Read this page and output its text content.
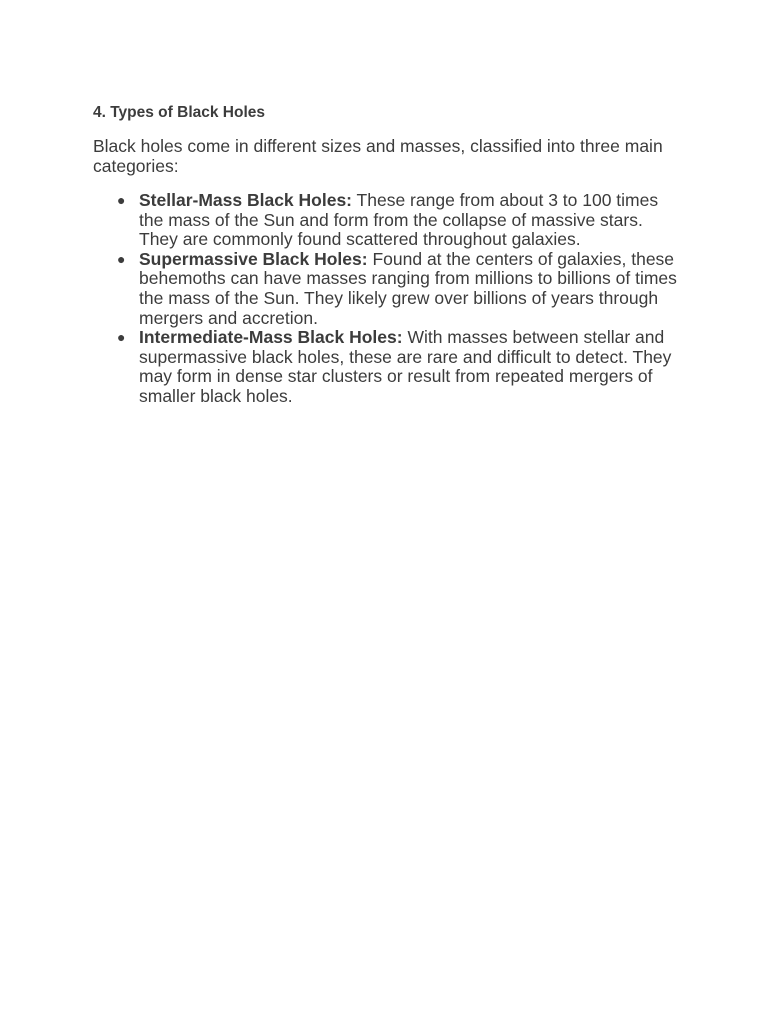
4. Types of Black Holes

Black holes come in different sizes and masses, classified into three main categories:

● Stellar-Mass Black Holes: These range from about 3 to 100 times the mass of the Sun and form from the collapse of massive stars. They are commonly found scattered throughout galaxies.
● Supermassive Black Holes: Found at the centers of galaxies, these behemoths can have masses ranging from millions to billions of times the mass of the Sun. They likely grew over billions of years through mergers and accretion.
● Intermediate-Mass Black Holes: With masses between stellar and supermassive black holes, these are rare and difficult to detect. They may form in dense star clusters or result from repeated mergers of smaller black holes.
